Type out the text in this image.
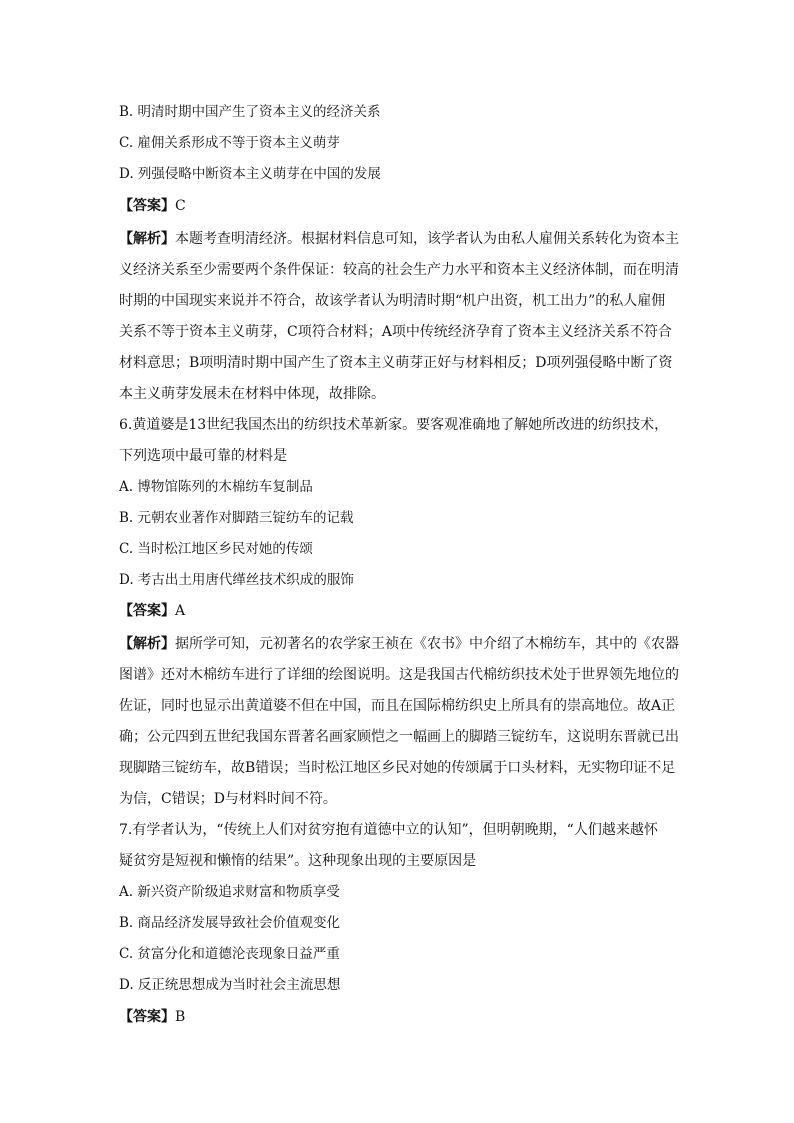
B. 明清时期中国产生了资本主义的经济关系
C. 雇佣关系形成不等于资本主义萌芽
D. 列强侵略中断资本主义萌芽在中国的发展
【答案】C
【解析】本题考查明清经济。根据材料信息可知，该学者认为由私人雇佣关系转化为资本主
义经济关系至少需要两个条件保证：较高的社会生产力水平和资本主义经济体制，而在明清
时期的中国现实来说并不符合，故该学者认为明清时期“机户出资，机工出力”的私人雇佣
关系不等于资本主义萌芽，C项符合材料；A项中传统经济孕育了资本主义经济关系不符合
材料意思；B项明清时期中国产生了资本主义萌芽正好与材料相反；D项列强侵略中断了资
本主义萌芽发展未在材料中体现，故排除。
6.黄道婆是13世纪我国杰出的纺织技术革新家。要客观准确地了解她所改进的纺织技术，
下列选项中最可靠的材料是
A. 博物馆陈列的木棉纺车复制品
B. 元朝农业著作对脚踏三锭纺车的记载
C. 当时松江地区乡民对她的传颂
D. 考古出土用唐代缂丝技术织成的服饰
【答案】A
【解析】据所学可知，元初著名的农学家王祯在《农书》中介绍了木棉纺车，其中的《农器
图谱》还对木棉纺车进行了详细的绘图说明。这是我国古代棉纺织技术处于世界领先地位的
佐证，同时也显示出黄道婆不但在中国，而且在国际棉纺织史上所具有的崇高地位。故A正
确；公元四到五世纪我国东晋著名画家顾恺之一幅画上的脚踏三锭纺车，这说明东晋就已出
现脚踏三锭纺车，故B错误；当时松江地区乡民对她的传颂属于口头材料，无实物印证不足
为信，C错误；D与材料时间不符。
7.有学者认为，“传统上人们对贫穷抱有道德中立的认知”，但明朝晚期，“人们越来越怀
疑贫穷是短视和懒惰的结果”。这种现象出现的主要原因是
A. 新兴资产阶级追求财富和物质享受
B. 商品经济发展导致社会价值观变化
C. 贫富分化和道德沦丧现象日益严重
D. 反正统思想成为当时社会主流思想
【答案】B
